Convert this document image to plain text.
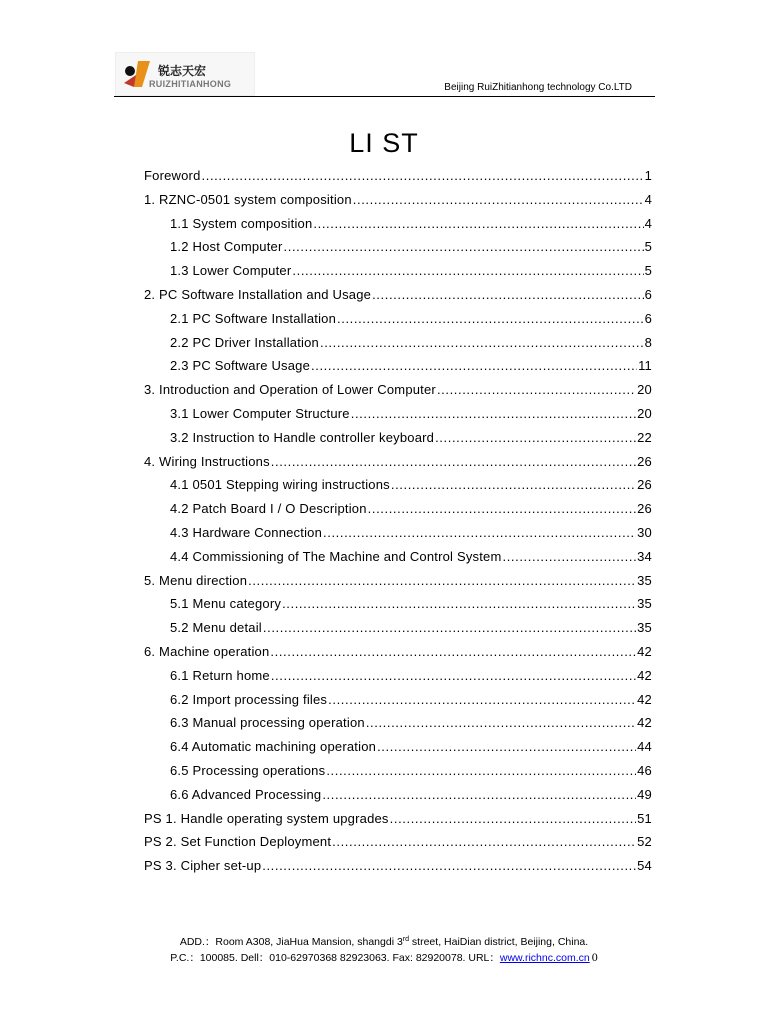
锐志天宏
RUIZHITIANHONG	Beijing RuiZhitianhong technology Co.LTD
LI ST
Foreword .....	1
1. RZNC-0501 system composition .....	4
1.1 System composition .....	4
1.2 Host Computer .....	5
1.3 Lower Computer .....	5
2. PC Software Installation and Usage .....	6
2.1 PC Software Installation .....	6
2.2 PC Driver Installation .....	8
2.3 PC Software Usage .....	11
3. Introduction and Operation of Lower Computer .....	20
3.1 Lower Computer Structure .....	20
3.2 Instruction to Handle controller keyboard .....	22
4. Wiring Instructions .....	26
4.1 0501 Stepping wiring instructions .....	26
4.2 Patch Board I / O Description .....	26
4.3 Hardware Connection .....	30
4.4 Commissioning of The Machine and Control System .....	34
5. Menu direction .....	35
5.1 Menu category .....	35
5.2 Menu detail .....	35
6. Machine operation .....	42
6.1 Return home .....	42
6.2 Import processing files .....	42
6.3 Manual processing operation .....	42
6.4 Automatic machining operation .....	44
6.5 Processing operations .....	46
6.6 Advanced Processing .....	49
PS 1. Handle operating system upgrades .....	51
PS 2. Set Function Deployment .....	52
PS 3. Cipher set-up .....	54
ADD.：Room A308, JiaHua Mansion, shangdi 3rd street, HaiDian district, Beijing, China.
P.C.：100085. Dell：010-62970368 82923063. Fax: 82920078. URL：www.richnc.com.cn 0
